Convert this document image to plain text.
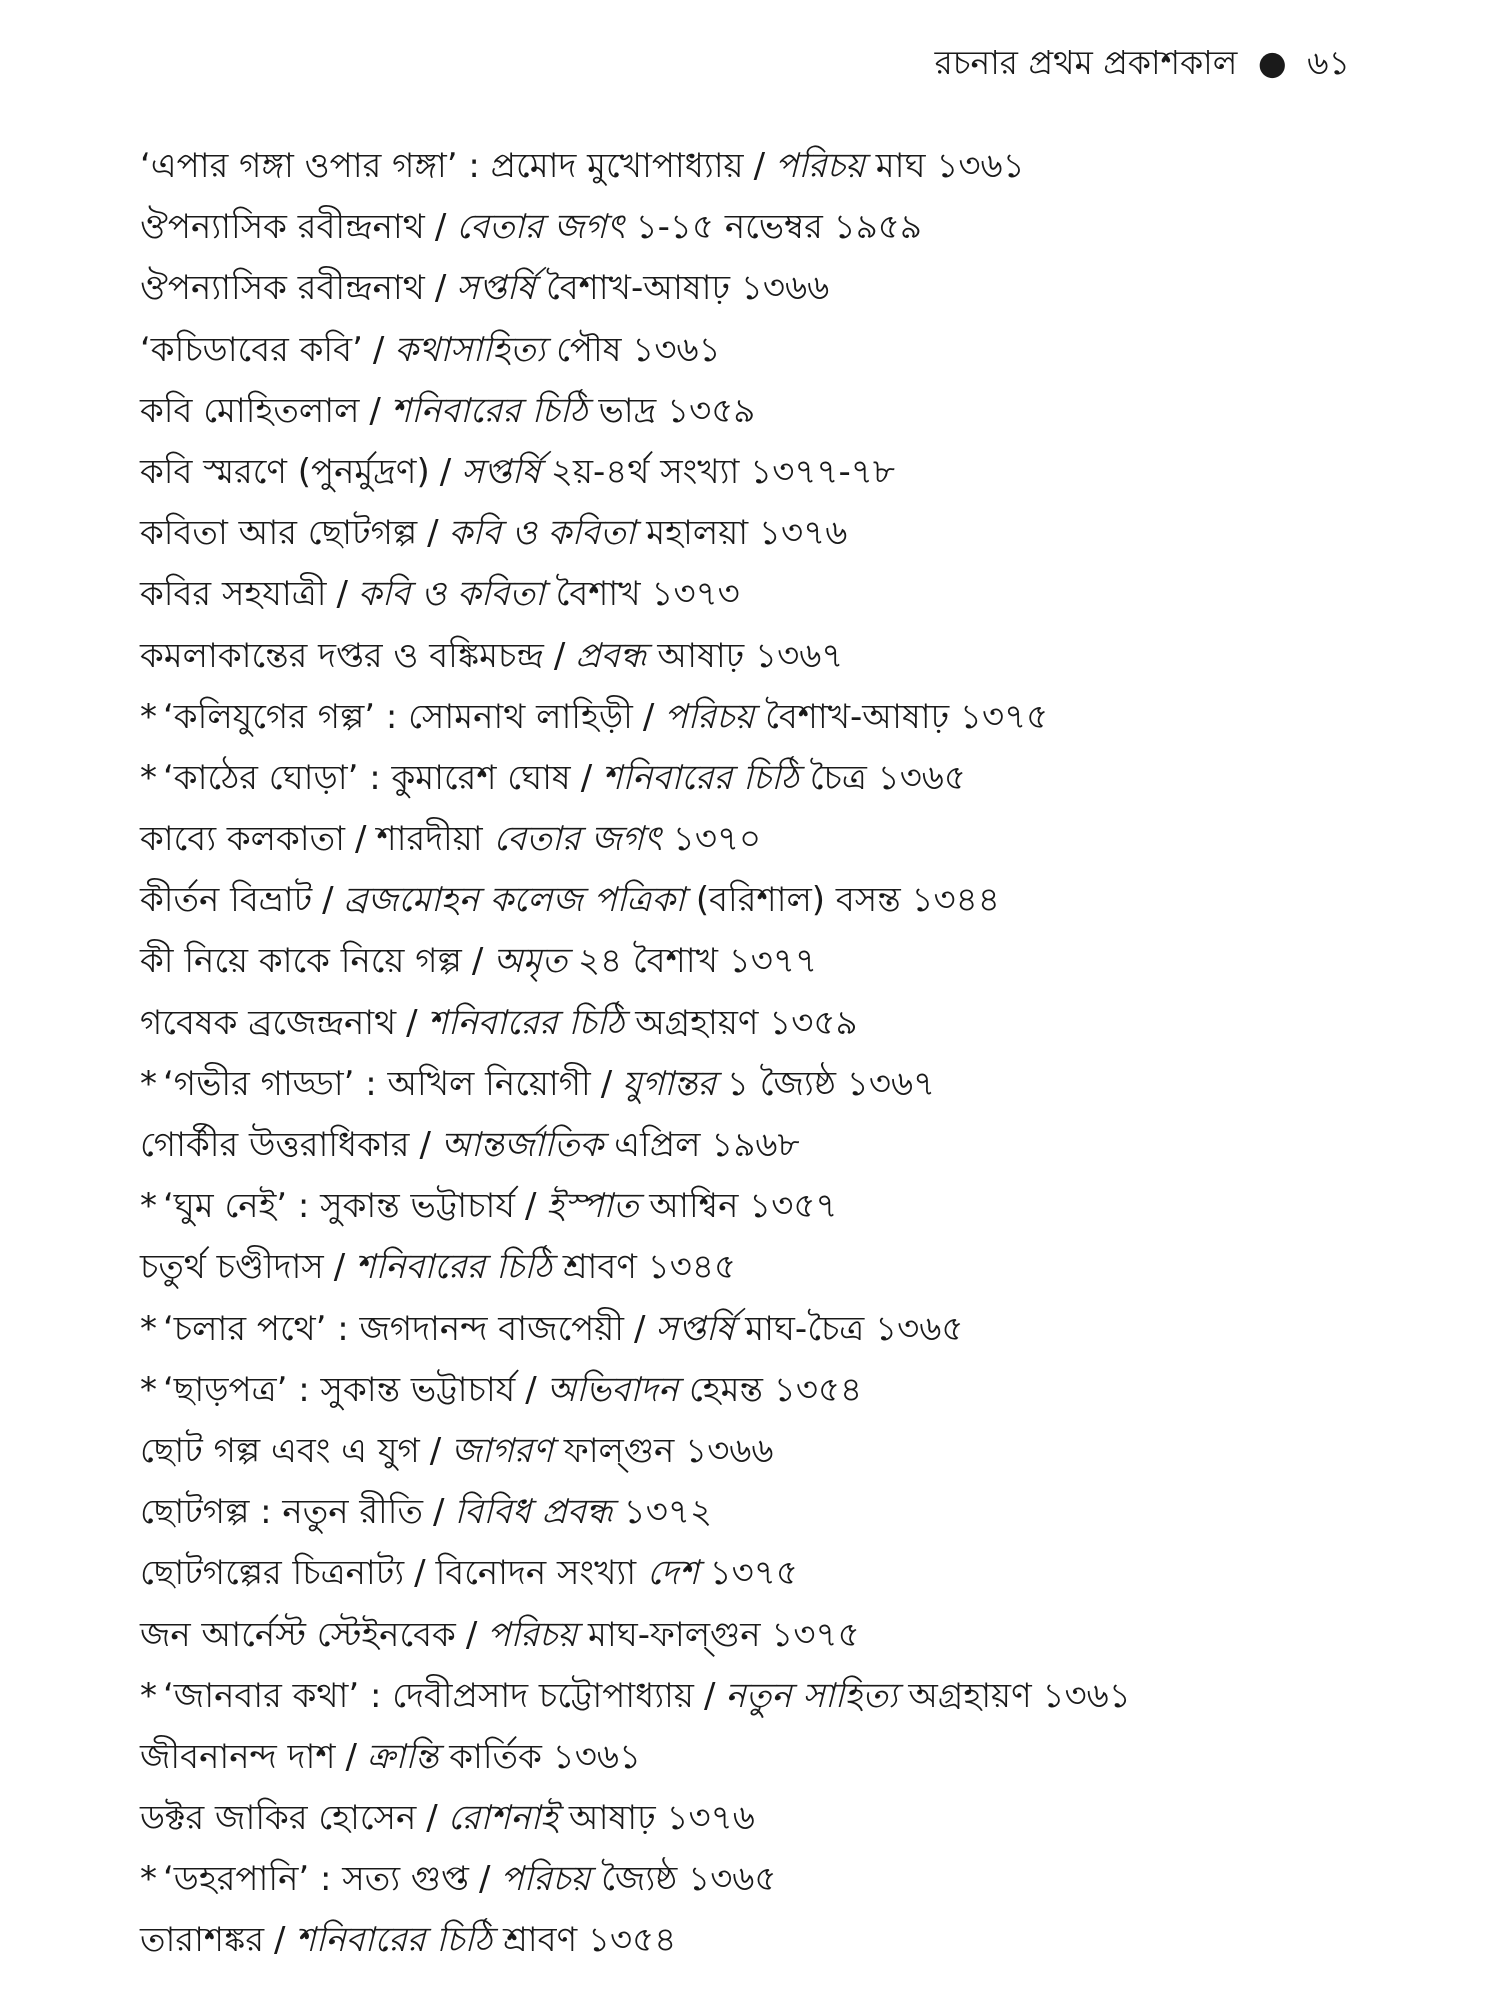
রচনার প্রথম প্রকাশকাল ● ৬১
‘এপার গঙ্গা ওপার গঙ্গা’ : প্রমোদ মুখোপাধ্যায় / পরিচয় মাঘ ১৩৬১
ঔপন্যাসিক রবীন্দ্রনাথ / বেতার জগৎ ১-১৫ নভেম্বর ১৯৫৯
ঔপন্যাসিক রবীন্দ্রনাথ / সপ্তর্ষি বৈশাখ-আষাঢ় ১৩৬৬
‘কচিডাবের কবি’ / কথাসাহিত্য পৌষ ১৩৬১
কবি মোহিতলাল / শনিবারের চিঠি ভাদ্র ১৩৫৯
কবি স্মরণে (পুনর্মুদ্রণ) / সপ্তর্ষি ২য়-৪র্থ সংখ্যা ১৩৭৭-৭৮
কবিতা আর ছোটগল্প / কবি ও কবিতা মহালয়া ১৩৭৬
কবির সহযাত্রী / কবি ও কবিতা বৈশাখ ১৩৭৩
কমলাকান্তের দপ্তর ও বঙ্কিমচন্দ্র / প্রবন্ধ আষাঢ় ১৩৬৭
* ‘কলিযুগের গল্প’ : সোমনাথ লাহিড়ী / পরিচয় বৈশাখ-আষাঢ় ১৩৭৫
* ‘কাঠের ঘোড়া’ : কুমারেশ ঘোষ / শনিবারের চিঠি চৈত্র ১৩৬৫
কাব্যে কলকাতা / শারদীয়া বেতার জগৎ ১৩৭০
কীর্তন বিভ্রাট / ব্রজমোহন কলেজ পত্রিকা (বরিশাল) বসন্ত ১৩৪৪
কী নিয়ে কাকে নিয়ে গল্প / অমৃত ২৪ বৈশাখ ১৩৭৭
গবেষক ব্রজেন্দ্রনাথ / শনিবারের চিঠি অগ্রহায়ণ ১৩৫৯
* ‘গভীর গাড্ডা’ : অখিল নিয়োগী / যুগান্তর ১ জ্যৈষ্ঠ ১৩৬৭
গোর্কীর উত্তরাধিকার / আন্তর্জাতিক এপ্রিল ১৯৬৮
* ‘ঘুম নেই’ : সুকান্ত ভট্টাচার্য / ইস্পাত আশ্বিন ১৩৫৭
চতুর্থ চণ্ডীদাস / শনিবারের চিঠি শ্রাবণ ১৩৪৫
* ‘চলার পথে’ : জগদানন্দ বাজপেয়ী / সপ্তর্ষি মাঘ-চৈত্র ১৩৬৫
* ‘ছাড়পত্র’ : সুকান্ত ভট্টাচার্য / অভিবাদন হেমন্ত ১৩৫৪
ছোট গল্প এবং এ যুগ / জাগরণ ফাল্গুন ১৩৬৬
ছোটগল্প : নতুন রীতি / বিবিধ প্রবন্ধ ১৩৭২
ছোটগল্পের চিত্রনাট্য / বিনোদন সংখ্যা দেশ ১৩৭৫
জন আর্নেস্ট স্টেইনবেক / পরিচয় মাঘ-ফাল্গুন ১৩৭৫
* ‘জানবার কথা’ : দেবীপ্রসাদ চট্টোপাধ্যায় / নতুন সাহিত্য অগ্রহায়ণ ১৩৬১
জীবনানন্দ দাশ / ক্রান্তি কার্তিক ১৩৬১
ডক্টর জাকির হোসেন / রোশনাই আষাঢ় ১৩৭৬
* ‘ডহরপানি’ : সত্য গুপ্ত / পরিচয় জ্যৈষ্ঠ ১৩৬৫
তারাশঙ্কর / শনিবারের চিঠি শ্রাবণ ১৩৫৪
